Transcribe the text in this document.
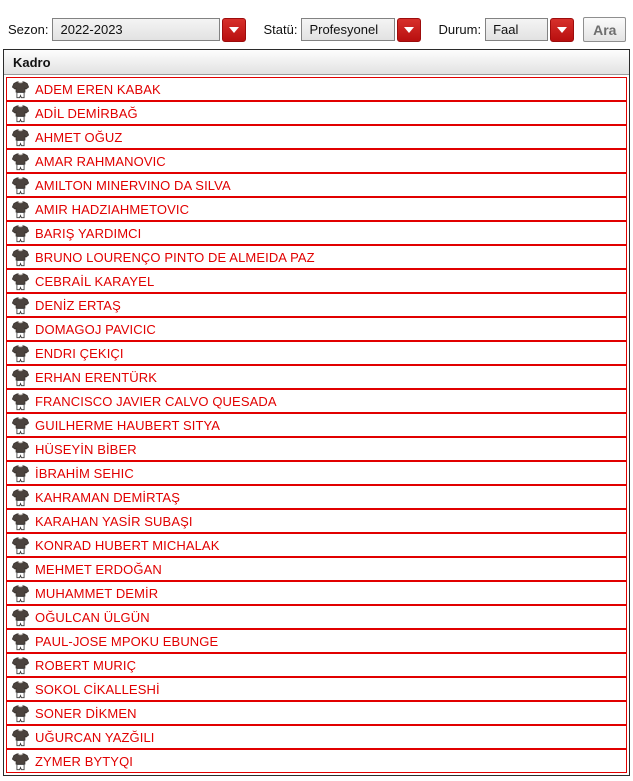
Sezon: 2022-2023	Statü: Profesyonel	Durum: Faal	Ara
Kadro
ADEM EREN KABAK
ADİL DEMİRBAĞ
AHMET OĞUZ
AMAR RAHMANOVIC
AMILTON MINERVINO DA SILVA
AMIR HADZIAHMETOVIC
BARIŞ YARDIMCI
BRUNO LOURENÇO PINTO DE ALMEIDA PAZ
CEBRAİL KARAYEL
DENİZ ERTAŞ
DOMAGOJ PAVICIC
ENDRI ÇEKIÇI
ERHAN ERENTÜRK
FRANCISCO JAVIER CALVO QUESADA
GUILHERME HAUBERT SITYA
HÜSEYİN BİBER
İBRAHİM SEHIC
KAHRAMAN DEMİRTAŞ
KARAHAN YASİR SUBAŞI
KONRAD HUBERT MICHALAK
MEHMET ERDOĞAN
MUHAMMET DEMİR
OĞULCAN ÜLGÜN
PAUL-JOSE MPOKU EBUNGE
ROBERT MURIÇ
SOKOL CİKALLESHİ
SONER DİKMEN
UĞURCAN YAZĞILI
ZYMER BYTYQI
